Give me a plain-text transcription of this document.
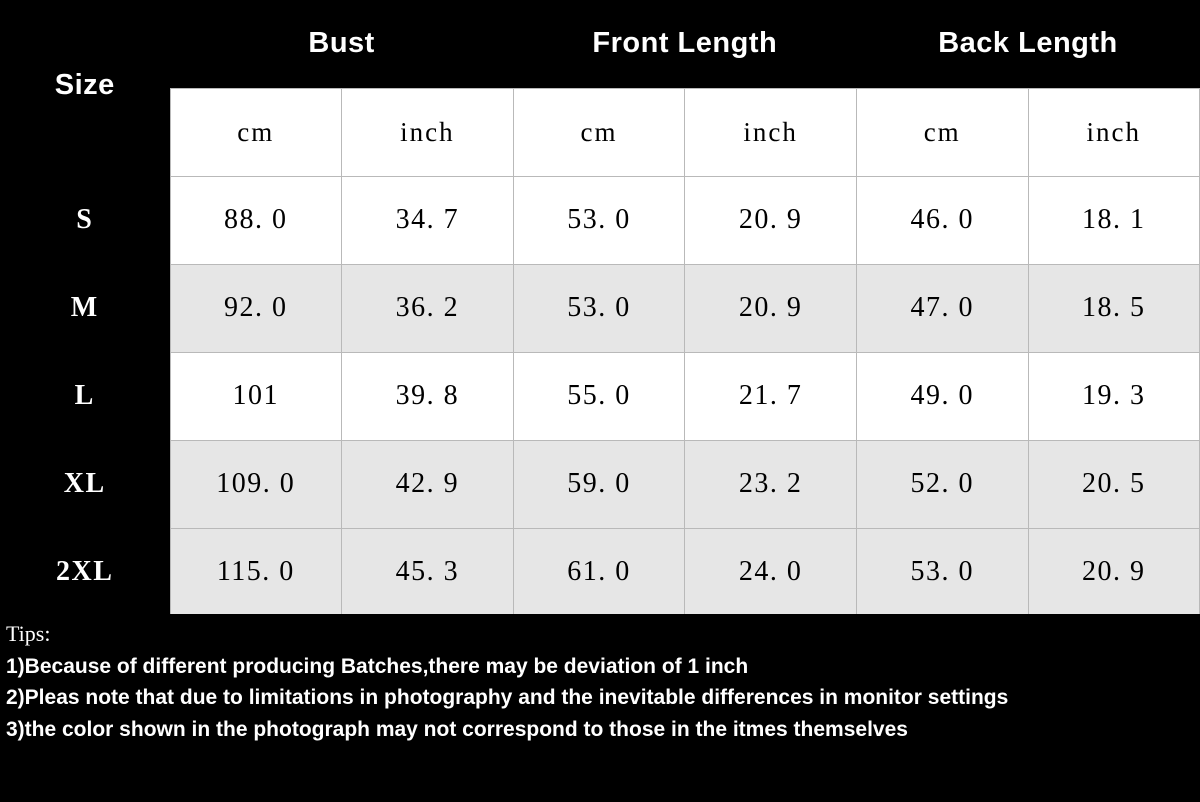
Size	Bust		Front Length		Back Length	
	cm	inch	cm	inch	cm	inch
S	88. 0	34. 7	53. 0	20. 9	46. 0	18. 1
M	92. 0	36. 2	53. 0	20. 9	47. 0	18. 5
L	101	39. 8	55. 0	21. 7	49. 0	19. 3
XL	109. 0	42. 9	59. 0	23. 2	52. 0	20. 5
2XL	115. 0	45. 3	61. 0	24. 0	53. 0	20. 9
Tips:
1)Because of different producing Batches,there may be deviation of 1 inch
2)Pleas note that due to limitations in photography and the inevitable differences in monitor settings
3)the color shown in the photograph may not correspond to those in the itmes themselves
